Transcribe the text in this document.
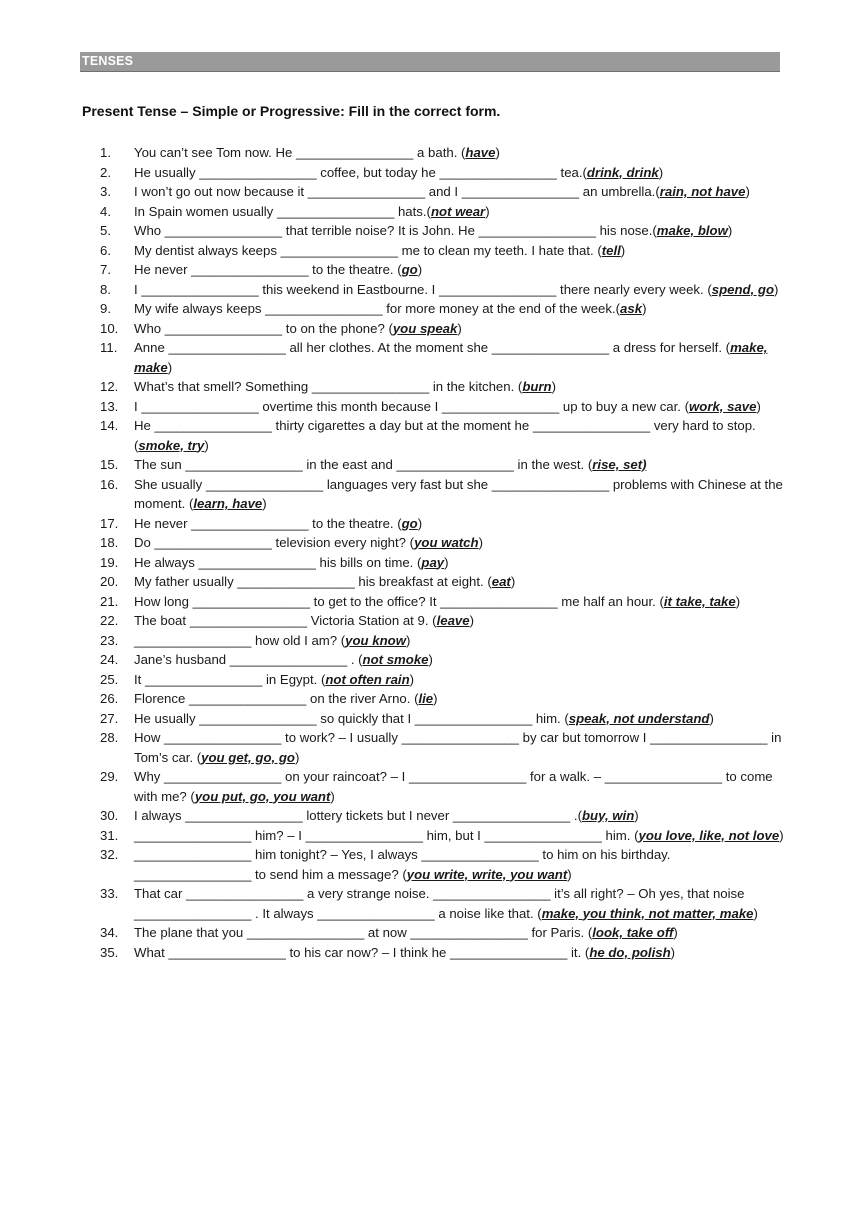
TENSES
Present Tense – Simple or Progressive: Fill in the correct form.
1.	You can’t see Tom now. He ________________ a bath. (have)
2.	He usually ________________ coffee, but today he ________________ tea.(drink, drink)
3.	I won’t go out now because it ________________ and I ________________ an umbrella.(rain, not have)
4.	In Spain women usually ________________ hats.(not wear)
5.	Who ________________ that terrible noise? It is John. He ________________ his nose.(make, blow)
6.	My dentist always keeps ________________ me to clean my teeth. I hate that. (tell)
7.	He never ________________ to the theatre. (go)
8.	I ________________ this weekend in Eastbourne. I ________________ there nearly every week. (spend, go)
9.	My wife always keeps ________________ for more money at the end of the week.(ask)
10.	Who ________________ to on the phone? (you speak)
11.	Anne ________________ all her clothes. At the moment she ________________ a dress for herself. (make, make)
12.	What’s that smell? Something ________________ in the kitchen. (burn)
13.	I ________________ overtime this month because I ________________ up to buy a new car. (work, save)
14.	He ________________ thirty cigarettes a day but at the moment he ________________ very hard to stop. (smoke, try)
15.	The sun ________________ in the east and ________________ in the west. (rise, set)
16.	She usually ________________ languages very fast but she ________________ problems with Chinese at the moment. (learn, have)
17.	He never ________________ to the theatre. (go)
18.	Do ________________ television every night? (you watch)
19.	He always ________________ his bills on time. (pay)
20.	My father usually ________________ his breakfast at eight. (eat)
21.	How long ________________ to get to the office? It ________________ me half an hour. (it take, take)
22.	The boat ________________ Victoria Station at 9. (leave)
23.	________________ how old I am? (you know)
24.	Jane’s husband ________________ . (not smoke)
25.	It ________________ in Egypt. (not often rain)
26.	Florence ________________ on the river Arno. (lie)
27.	He usually ________________ so quickly that I ________________ him. (speak, not understand)
28.	How ________________ to work? – I usually ________________ by car but tomorrow I ________________ in Tom’s car. (you get, go, go)
29.	Why ________________ on your raincoat? – I ________________ for a walk. – ________________ to come with me? (you put, go, you want)
30.	I always ________________ lottery tickets but I never ________________ .(buy, win)
31.	________________ him? – I ________________ him, but I ________________ him. (you love, like, not love)
32.	________________ him tonight? – Yes, I always ________________ to him on his birthday. ________________ to send him a message? (you write, write, you want)
33.	That car ________________ a very strange noise. ________________ it’s all right? – Oh yes, that noise ________________ . It always ________________ a noise like that. (make, you think, not matter, make)
34.	The plane that you ________________ at now ________________ for Paris. (look, take off)
35.	What ________________ to his car now? – I think he ________________ it. (he do, polish)
